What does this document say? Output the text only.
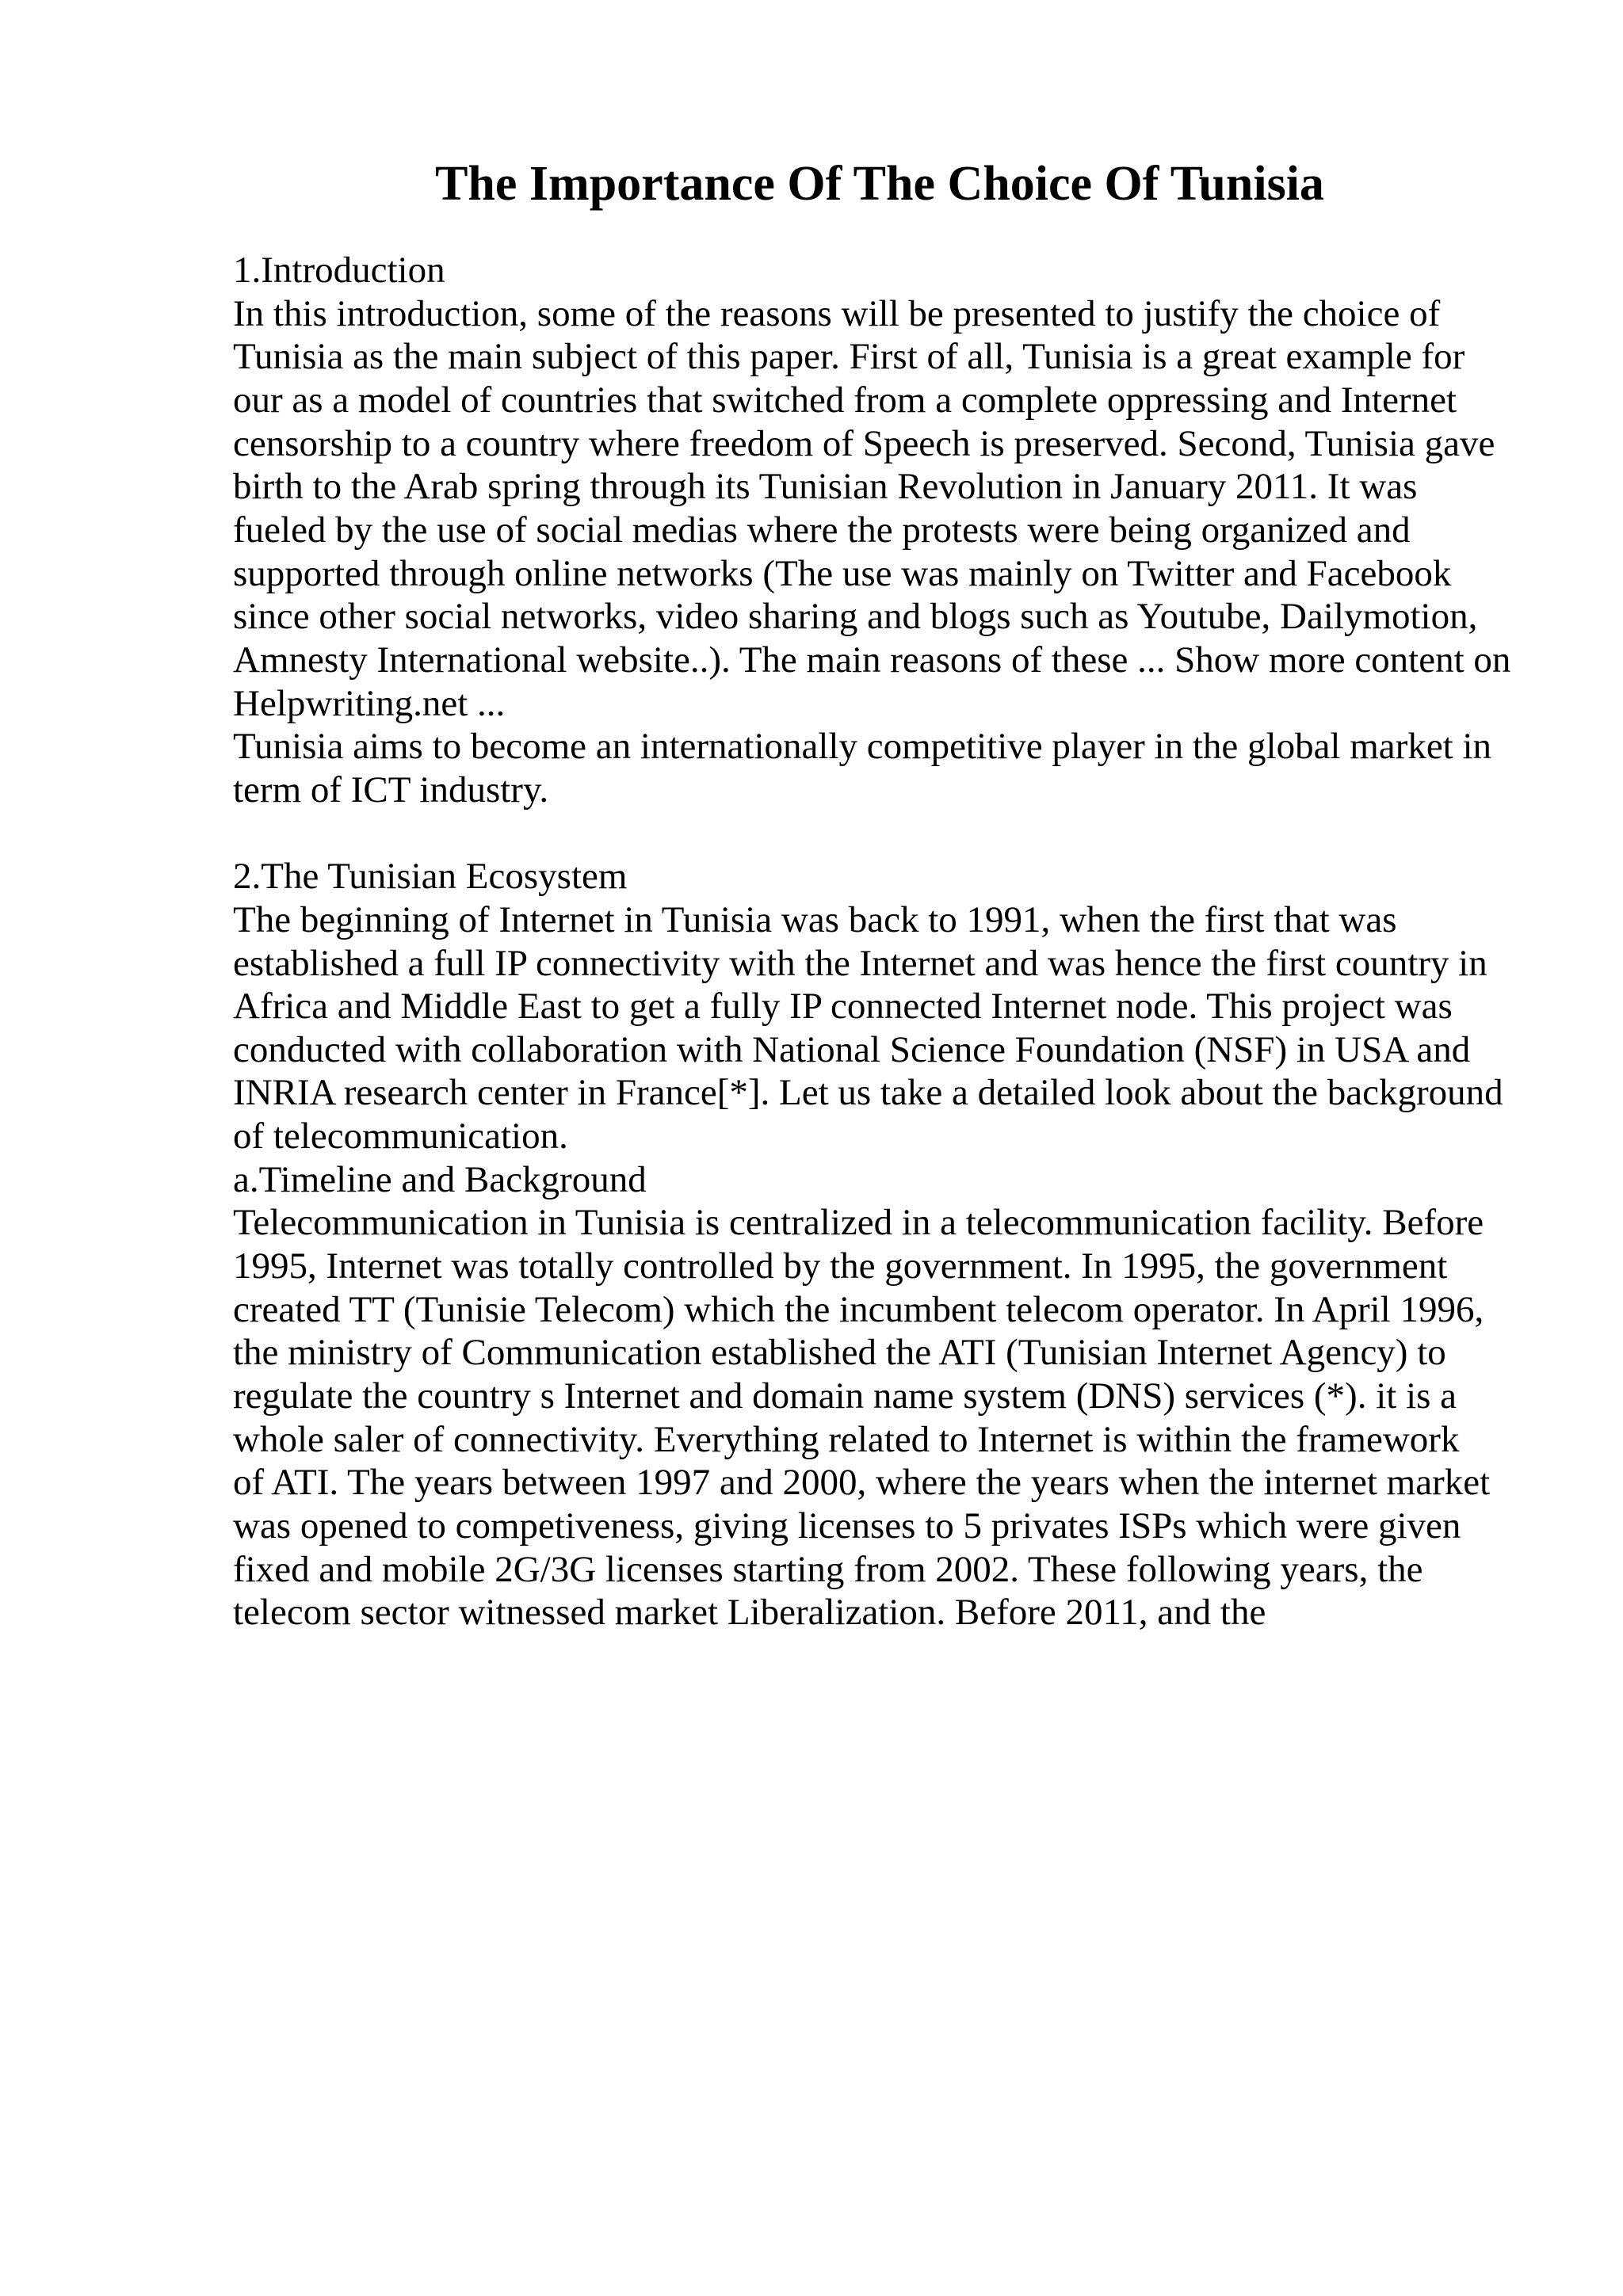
The Importance Of The Choice Of Tunisia
1.Introduction
In this introduction, some of the reasons will be presented to justify the choice of
Tunisia as the main subject of this paper. First of all, Tunisia is a great example for
our as a model of countries that switched from a complete oppressing and Internet
censorship to a country where freedom of Speech is preserved. Second, Tunisia gave
birth to the Arab spring through its Tunisian Revolution in January 2011. It was
fueled by the use of social medias where the protests were being organized and
supported through online networks (The use was mainly on Twitter and Facebook
since other social networks, video sharing and blogs such as Youtube, Dailymotion,
Amnesty International website..). The main reasons of these ... Show more content on
Helpwriting.net ...
Tunisia aims to become an internationally competitive player in the global market in
term of ICT industry.
2.The Tunisian Ecosystem
The beginning of Internet in Tunisia was back to 1991, when the first that was
established a full IP connectivity with the Internet and was hence the first country in
Africa and Middle East to get a fully IP connected Internet node. This project was
conducted with collaboration with National Science Foundation (NSF) in USA and
INRIA research center in France[*]. Let us take a detailed look about the background
of telecommunication.
a.Timeline and Background
Telecommunication in Tunisia is centralized in a telecommunication facility. Before
1995, Internet was totally controlled by the government. In 1995, the government
created TT (Tunisie Telecom) which the incumbent telecom operator. In April 1996,
the ministry of Communication established the ATI (Tunisian Internet Agency) to
regulate the country s Internet and domain name system (DNS) services (*). it is a
whole saler of connectivity. Everything related to Internet is within the framework
of ATI. The years between 1997 and 2000, where the years when the internet market
was opened to competiveness, giving licenses to 5 privates ISPs which were given
fixed and mobile 2G/3G licenses starting from 2002. These following years, the
telecom sector witnessed market Liberalization. Before 2011, and the
